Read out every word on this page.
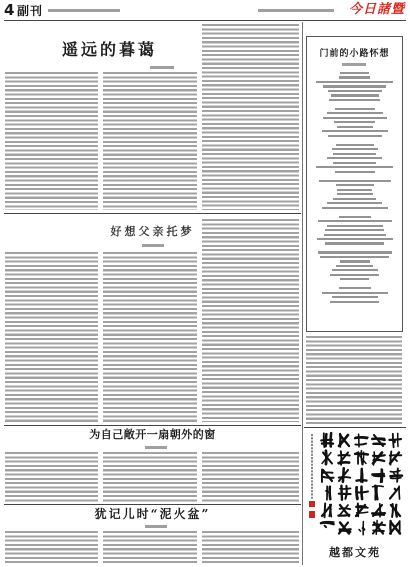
4 副刊	今日諸暨
遥远的暮蔼
好想父亲托梦
为自己敞开一扇朝外的窗
犹记儿时“泥火盆”
门前的小路怀想
越都文苑
